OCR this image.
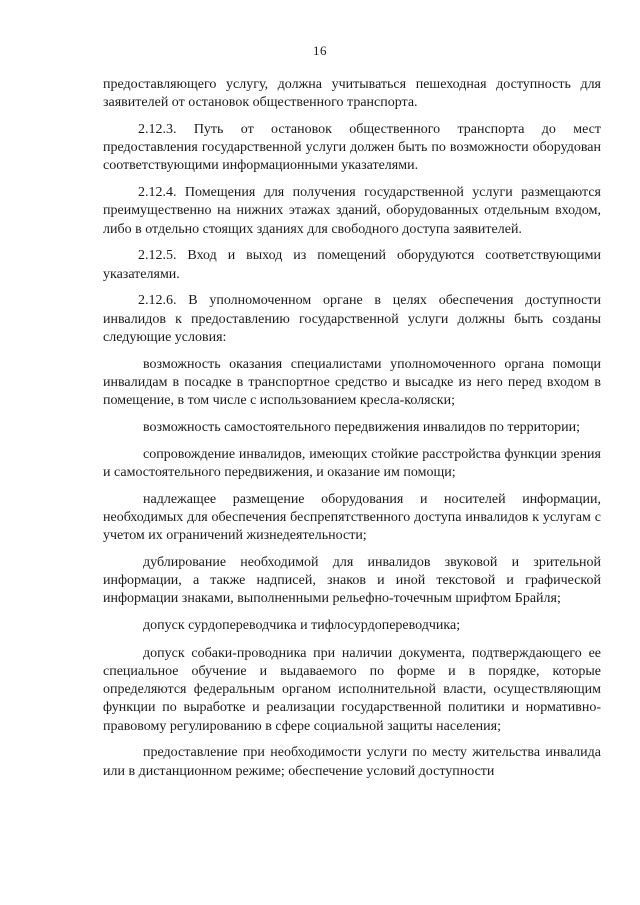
16

предоставляющего услугу, должна учитываться пешеходная доступность для заявителей от остановок общественного транспорта.

2.12.3. Путь от остановок общественного транспорта до мест предоставления государственной услуги должен быть по возможности оборудован соответствующими информационными указателями.

2.12.4. Помещения для получения государственной услуги размещаются преимущественно на нижних этажах зданий, оборудованных отдельным входом, либо в отдельно стоящих зданиях для свободного доступа заявителей.

2.12.5. Вход и выход из помещений оборудуются соответствующими указателями.

2.12.6. В уполномоченном органе в целях обеспечения доступности инвалидов к предоставлению государственной услуги должны быть созданы следующие условия:

возможность оказания специалистами уполномоченного органа помощи инвалидам в посадке в транспортное средство и высадке из него перед входом в помещение, в том числе с использованием кресла-коляски;

возможность самостоятельного передвижения инвалидов по территории;

сопровождение инвалидов, имеющих стойкие расстройства функции зрения и самостоятельного передвижения, и оказание им помощи;

надлежащее размещение оборудования и носителей информации, необходимых для обеспечения беспрепятственного доступа инвалидов к услугам с учетом их ограничений жизнедеятельности;

дублирование необходимой для инвалидов звуковой и зрительной информации, а также надписей, знаков и иной текстовой и графической информации знаками, выполненными рельефно-точечным шрифтом Брайля;

допуск сурдопереводчика и тифлосурдопереводчика;

допуск собаки-проводника при наличии документа, подтверждающего ее специальное обучение и выдаваемого по форме и в порядке, которые определяются федеральным органом исполнительной власти, осуществляющим функции по выработке и реализации государственной политики и нормативно-правовому регулированию в сфере социальной защиты населения;

предоставление при необходимости услуги по месту жительства инвалида или в дистанционном режиме; обеспечение условий доступности
